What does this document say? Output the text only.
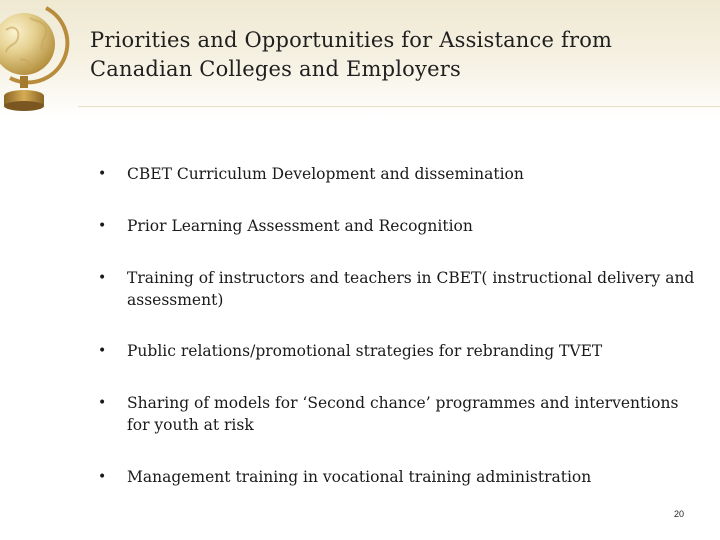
Priorities and Opportunities for Assistance from
Canadian Colleges and Employers
•	CBET Curriculum Development and dissemination
•	Prior Learning Assessment and Recognition
•	Training of instructors and teachers in CBET( instructional delivery and assessment)
•	Public relations/promotional strategies for rebranding TVET
•	Sharing of models for ‘Second chance’ programmes and interventions for youth at risk
•	Management training in vocational training administration
20
